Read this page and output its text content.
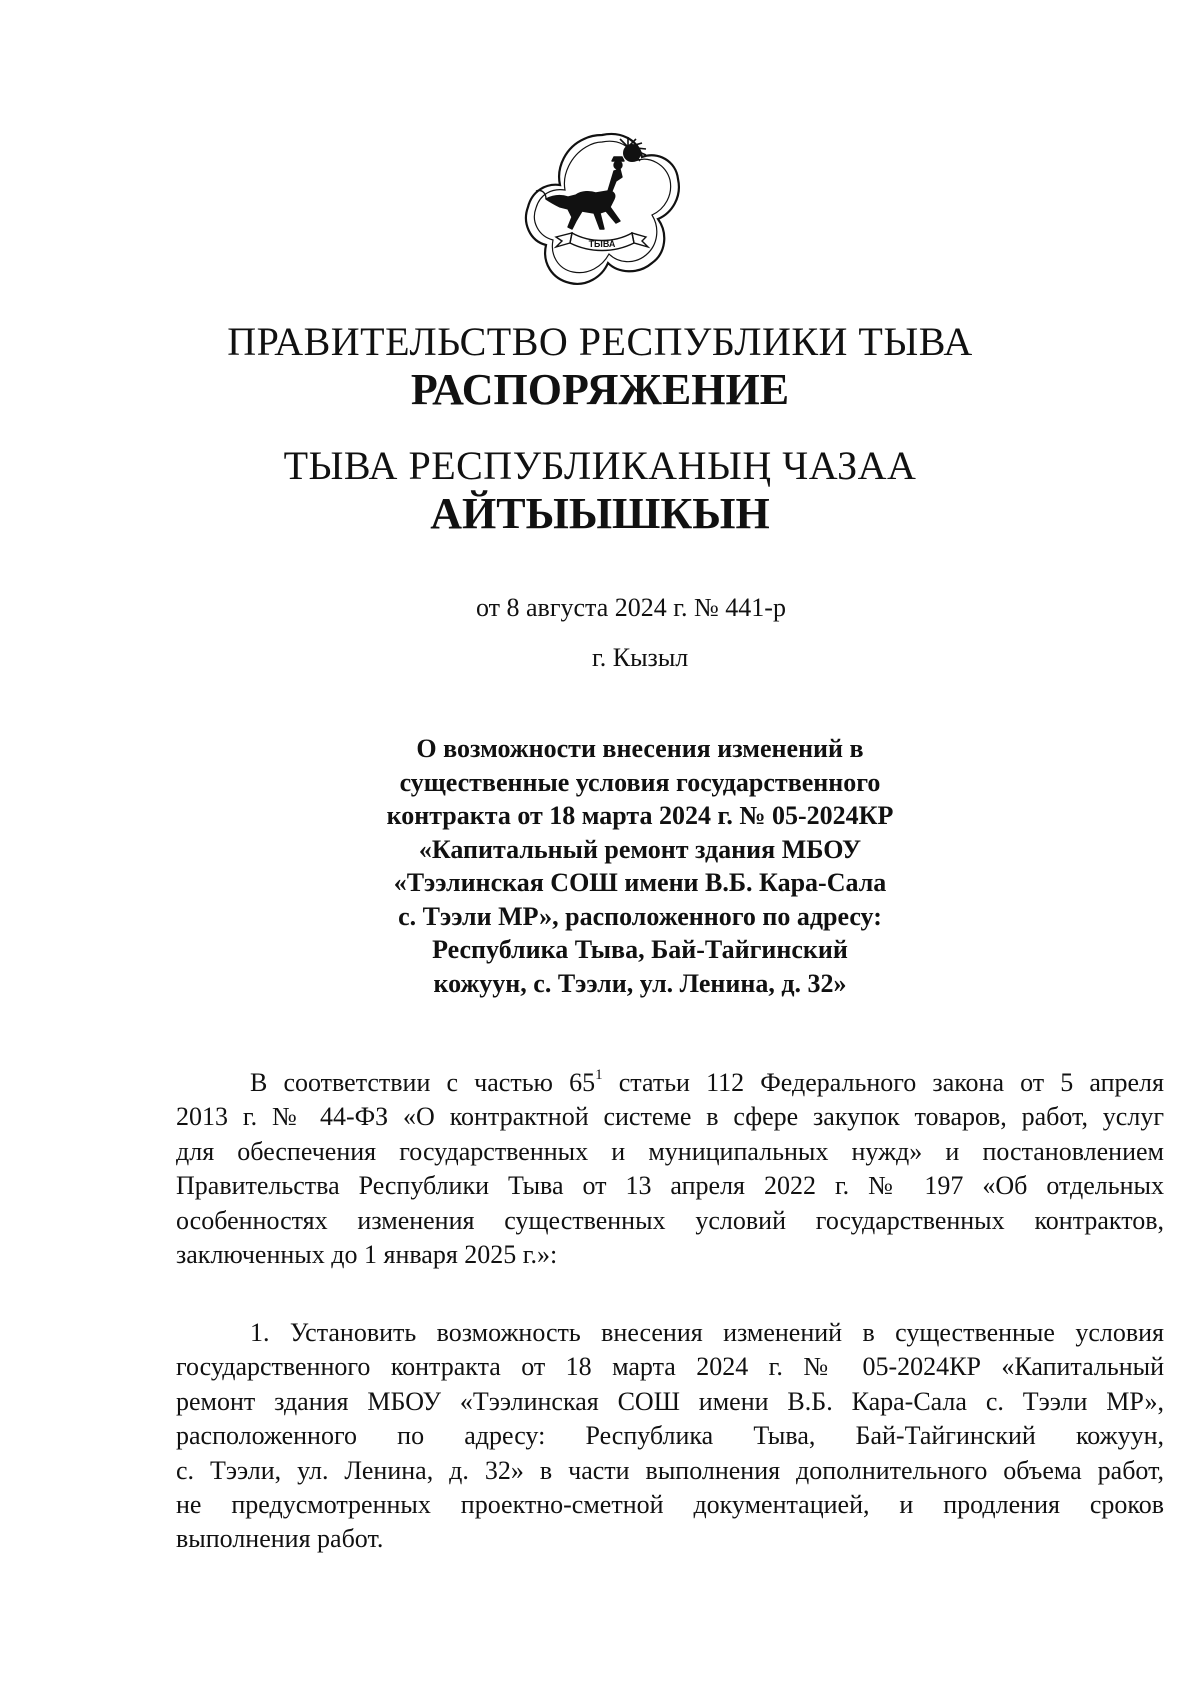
ТЫВА
ПРАВИТЕЛЬСТВО РЕСПУБЛИКИ ТЫВА
РАСПОРЯЖЕНИЕ
ТЫВА РЕСПУБЛИКАНЫҢ ЧАЗАА
АЙТЫЫШКЫН
от 8 августа 2024 г. № 441-р
г. Кызыл
О возможности внесения изменений в
существенные условия государственного
контракта от 18 марта 2024 г. № 05-2024КР
«Капитальный ремонт здания МБОУ
«Тээлинская СОШ имени В.Б. Кара-Сала
с. Тээли МР», расположенного по адресу:
Республика Тыва, Бай-Тайгинский
кожуун, с. Тээли, ул. Ленина, д. 32»
В соответствии с частью $65^1$ статьи 112 Федерального закона от 5 апреля
2013 г. № 44-ФЗ «О контрактной системе в сфере закупок товаров, работ, услуг
для обеспечения государственных и муниципальных нужд» и постановлением
Правительства Республики Тыва от 13 апреля 2022 г. № 197 «Об отдельных
особенностях изменения существенных условий государственных контрактов,
заключенных до 1 января 2025 г.»:
1. Установить возможность внесения изменений в существенные условия
государственного контракта от 18 марта 2024 г. № 05-2024КР «Капитальный
ремонт здания МБОУ «Тээлинская СОШ имени В.Б. Кара-Сала с. Тээли МР»,
расположенного по адресу: Республика Тыва, Бай-Тайгинский кожуун,
с. Тээли, ул. Ленина, д. 32» в части выполнения дополнительного объема работ,
не предусмотренных проектно-сметной документацией, и продления сроков
выполнения работ.
